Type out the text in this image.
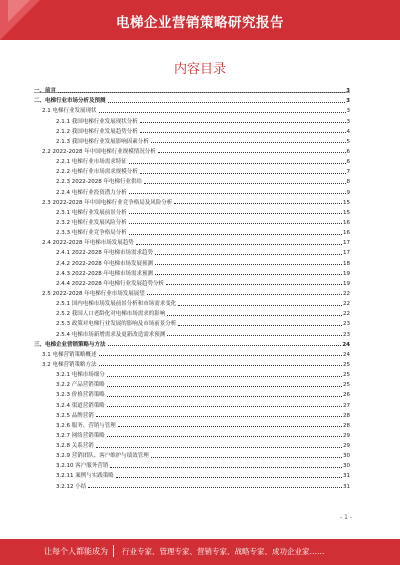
电梯企业营销策略研究报告
内容目录
一、前言	3
二、电梯行业市场分析及预测	3
2.1 电梯行业发展现状	3
2.1.1 我国电梯行业发展现状分析	3
2.1.2 我国电梯行业发展趋势分析	4
2.1.3 我国电梯行业发展影响因素分析	5
2.2 2022-2028 年中国电梯行业规模情况分析	6
2.2.1 电梯行业市场需求特征	6
2.2.2 电梯行业市场需求规模分析	7
2.2.3 2022-2028 年电梯行业供给	8
2.2.4 电梯行业投资潜力分析	9
2.3 2022-2028 年中国电梯行业竞争格局及风险分析	15
2.3.1 电梯行业发展前景分析	15
2.3.2 电梯行业发展风险分析	16
2.3.3 电梯行业竞争格局分析	16
2.4 2022-2028 年电梯市场发展趋势	17
2.4.1 2022-2028 年电梯市场需求趋势	17
2.4.2 2022-2028 年电梯市场发展预测	18
2.4.3 2022-2028 年电梯市场需求预测	19
2.4.4 2022-2028 年电梯行业发展趋势分析	19
2.5 2022-2028 年电梯行业市场发展展望	22
2.5.1 国内电梯市场发展前景分析和市场需求变化	22
2.5.2 我国人口老龄化对电梯市场需求的影响	22
2.5.3 政策对电梯行业发展的影响及市场前景分析	23
2.5.4 电梯市场新增需求及更新改造需求预测	23
三、电梯企业营销策略与方法	24
3.1 电梯营销策略概述	24
3.2 电梯营销策略方法	25
3.2.1 电梯市场细分	25
3.2.2 产品营销策略	25
3.2.3 价格营销策略	26
3.2.4 渠道营销策略	27
3.2.5 品牌营销	28
3.2.6 服务、营销与管理	28
3.2.7 网络营销策略	29
3.2.8 关系营销	29
3.2.9 营销团队、客户维护与绩效管理	30
3.2.10 客户服务营销	30
3.2.11 案例与实践策略	31
3.2.12 小结	31
- 1 -
让每个人都能成为 行业专家、管理专家、营销专家、战略专家、成功企业家……
